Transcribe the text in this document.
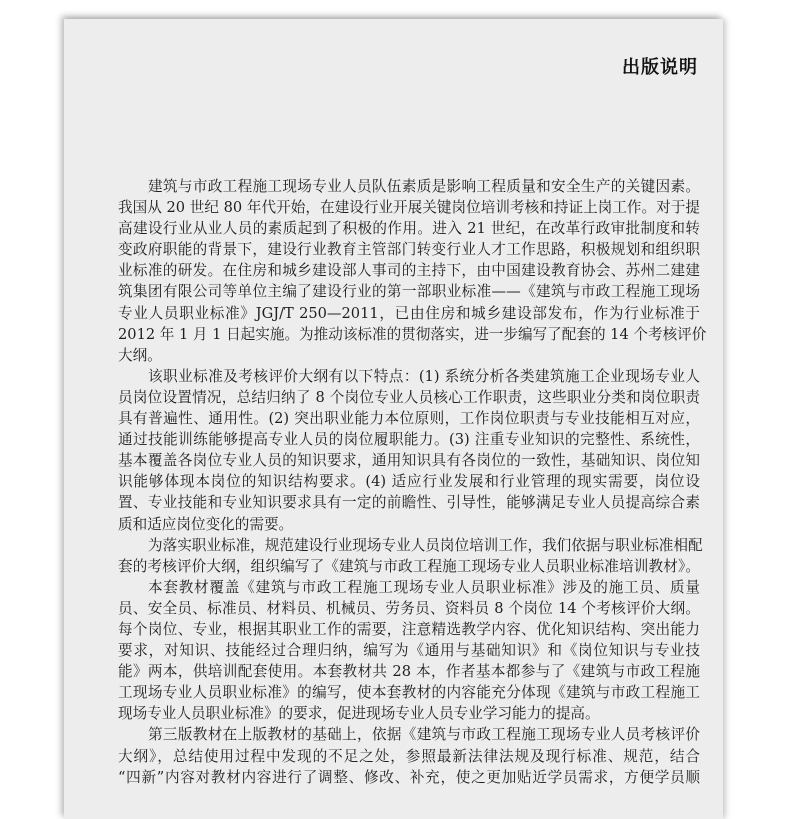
出版说明
建筑与市政工程施工现场专业人员队伍素质是影响工程质量和安全生产的关键因素。
我国从 20 世纪 80 年代开始，在建设行业开展关键岗位培训考核和持证上岗工作。对于提
高建设行业从业人员的素质起到了积极的作用。进入 21 世纪，在改革行政审批制度和转
变政府职能的背景下，建设行业教育主管部门转变行业人才工作思路，积极规划和组织职
业标准的研发。在住房和城乡建设部人事司的主持下，由中国建设教育协会、苏州二建建
筑集团有限公司等单位主编了建设行业的第一部职业标准——《建筑与市政工程施工现场
专业人员职业标准》JGJ/T 250—2011，已由住房和城乡建设部发布，作为行业标准于
2012 年 1 月 1 日起实施。为推动该标准的贯彻落实，进一步编写了配套的 14 个考核评价
大纲。
该职业标准及考核评价大纲有以下特点：(1) 系统分析各类建筑施工企业现场专业人
员岗位设置情况，总结归纳了 8 个岗位专业人员核心工作职责，这些职业分类和岗位职责
具有普遍性、通用性。(2) 突出职业能力本位原则，工作岗位职责与专业技能相互对应，
通过技能训练能够提高专业人员的岗位履职能力。(3) 注重专业知识的完整性、系统性，
基本覆盖各岗位专业人员的知识要求，通用知识具有各岗位的一致性，基础知识、岗位知
识能够体现本岗位的知识结构要求。(4) 适应行业发展和行业管理的现实需要，岗位设
置、专业技能和专业知识要求具有一定的前瞻性、引导性，能够满足专业人员提高综合素
质和适应岗位变化的需要。
为落实职业标准，规范建设行业现场专业人员岗位培训工作，我们依据与职业标准相配
套的考核评价大纲，组织编写了《建筑与市政工程施工现场专业人员职业标准培训教材》。
本套教材覆盖《建筑与市政工程施工现场专业人员职业标准》涉及的施工员、质量
员、安全员、标准员、材料员、机械员、劳务员、资料员 8 个岗位 14 个考核评价大纲。
每个岗位、专业，根据其职业工作的需要，注意精选教学内容、优化知识结构、突出能力
要求，对知识、技能经过合理归纳，编写为《通用与基础知识》和《岗位知识与专业技
能》两本，供培训配套使用。本套教材共 28 本，作者基本都参与了《建筑与市政工程施
工现场专业人员职业标准》的编写，使本套教材的内容能充分体现《建筑与市政工程施工
现场专业人员职业标准》的要求，促进现场专业人员专业学习能力的提高。
第三版教材在上版教材的基础上，依据《建筑与市政工程施工现场专业人员考核评价
大纲》，总结使用过程中发现的不足之处，参照最新法律法规及现行标准、规范，结合
“四新”内容对教材内容进行了调整、修改、补充，使之更加贴近学员需求，方便学员顺
